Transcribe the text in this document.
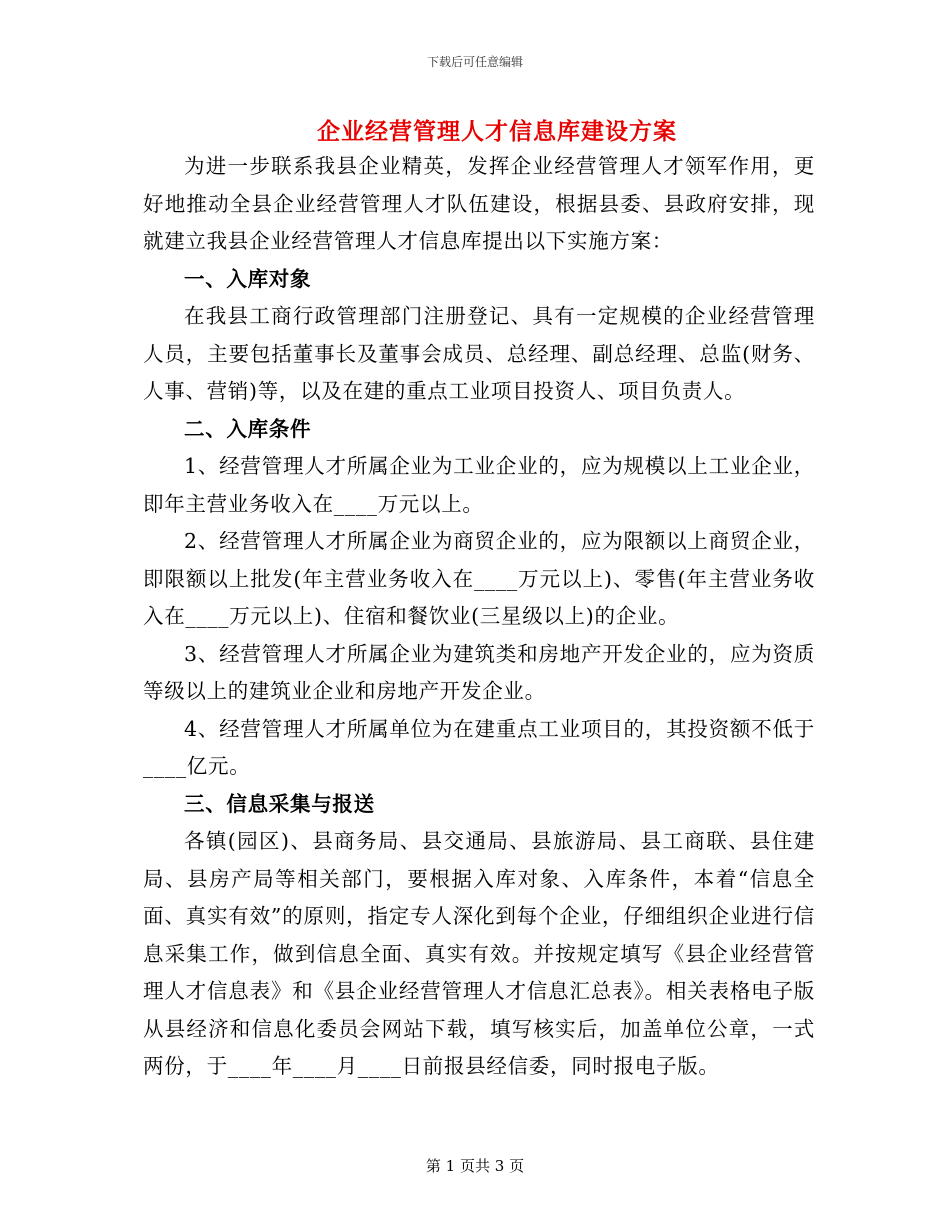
下载后可任意编辑
企业经营管理人才信息库建设方案

为进一步联系我县企业精英，发挥企业经营管理人才领军作用，更好地推动全县企业经营管理人才队伍建设，根据县委、县政府安排，现就建立我县企业经营管理人才信息库提出以下实施方案：

一、入库对象

在我县工商行政管理部门注册登记、具有一定规模的企业经营管理人员，主要包括董事长及董事会成员、总经理、副总经理、总监(财务、人事、营销)等，以及在建的重点工业项目投资人、项目负责人。

二、入库条件

1、经营管理人才所属企业为工业企业的，应为规模以上工业企业，即年主营业务收入在____万元以上。

2、经营管理人才所属企业为商贸企业的，应为限额以上商贸企业，即限额以上批发(年主营业务收入在____万元以上)、零售(年主营业务收入在____万元以上)、住宿和餐饮业(三星级以上)的企业。

3、经营管理人才所属企业为建筑类和房地产开发企业的，应为资质等级以上的建筑业企业和房地产开发企业。

4、经营管理人才所属单位为在建重点工业项目的，其投资额不低于____亿元。

三、信息采集与报送

各镇(园区)、县商务局、县交通局、县旅游局、县工商联、县住建局、县房产局等相关部门，要根据入库对象、入库条件，本着“信息全面、真实有效”的原则，指定专人深化到每个企业，仔细组织企业进行信息采集工作，做到信息全面、真实有效。并按规定填写《县企业经营管理人才信息表》和《县企业经营管理人才信息汇总表》。相关表格电子版从县经济和信息化委员会网站下载，填写核实后，加盖单位公章，一式两份，于____年____月____日前报县经信委，同时报电子版。

第 1 页共 3 页
